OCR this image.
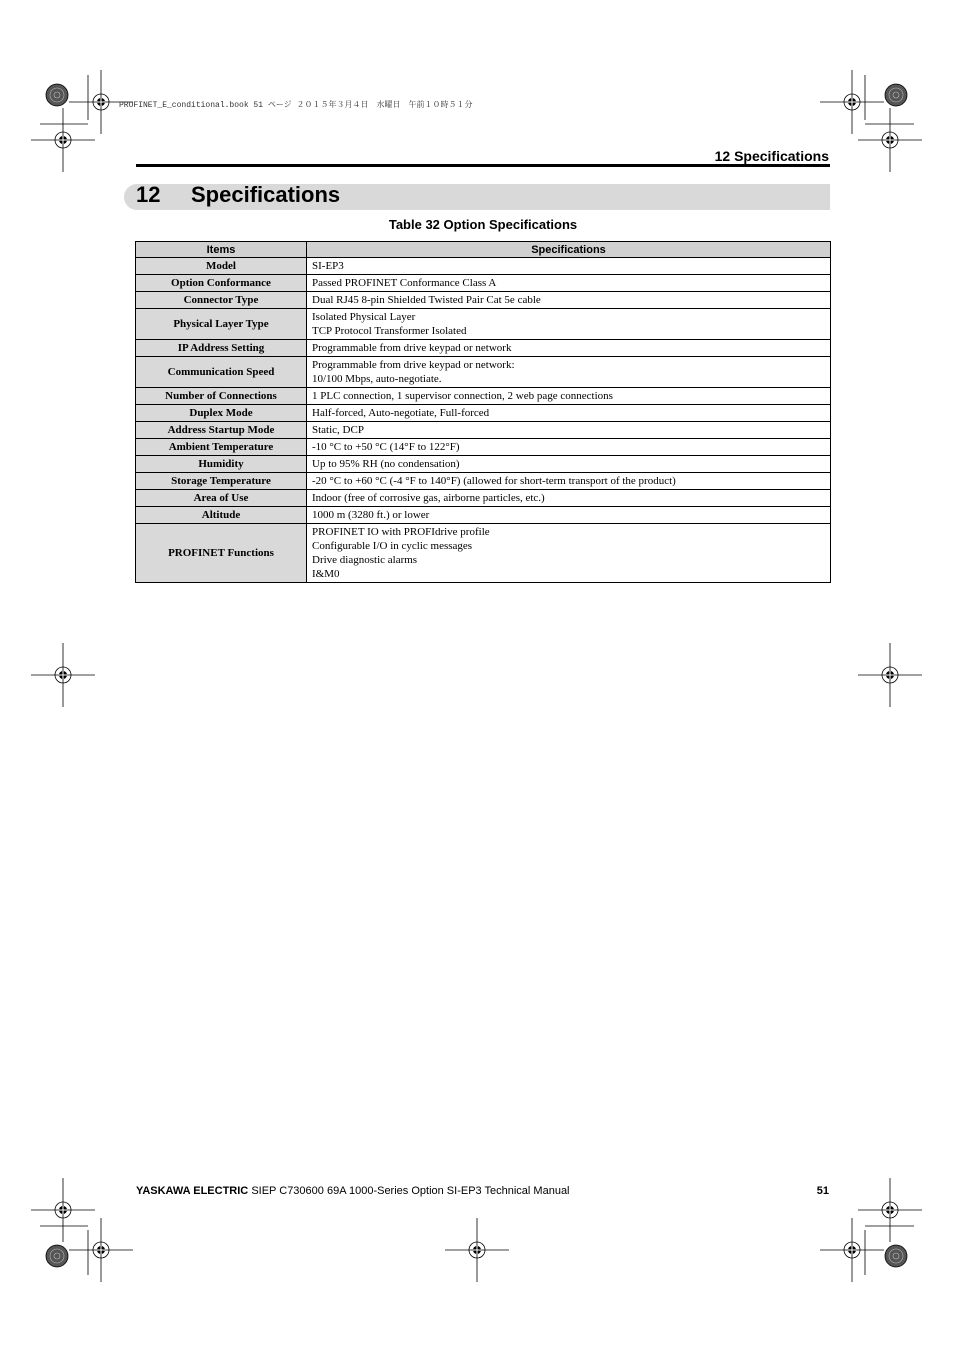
PROFINET_E_conditional.book 51 ページ ２０１５年３月４日　水曜日　午前１０時５１分
12 Specifications
12 Specifications
Table 32 Option Specifications
Items	Specifications
Model	SI-EP3
Option Conformance	Passed PROFINET Conformance Class A
Connector Type	Dual RJ45 8-pin Shielded Twisted Pair Cat 5e cable
Physical Layer Type	Isolated Physical Layer
TCP Protocol Transformer Isolated
IP Address Setting	Programmable from drive keypad or network
Communication Speed	Programmable from drive keypad or network:
10/100 Mbps, auto-negotiate.
Number of Connections	1 PLC connection, 1 supervisor connection, 2 web page connections
Duplex Mode	Half-forced, Auto-negotiate, Full-forced
Address Startup Mode	Static, DCP
Ambient Temperature	-10 °C to +50 °C (14°F to 122°F)
Humidity	Up to 95% RH (no condensation)
Storage Temperature	-20 °C to +60 °C (-4 °F to 140°F) (allowed for short-term transport of the product)
Area of Use	Indoor (free of corrosive gas, airborne particles, etc.)
Altitude	1000 m (3280 ft.) or lower
PROFINET Functions	PROFINET IO with PROFIdrive profile
Configurable I/O in cyclic messages
Drive diagnostic alarms
I&M0
YASKAWA ELECTRIC SIEP C730600 69A 1000-Series Option SI-EP3 Technical Manual	51
